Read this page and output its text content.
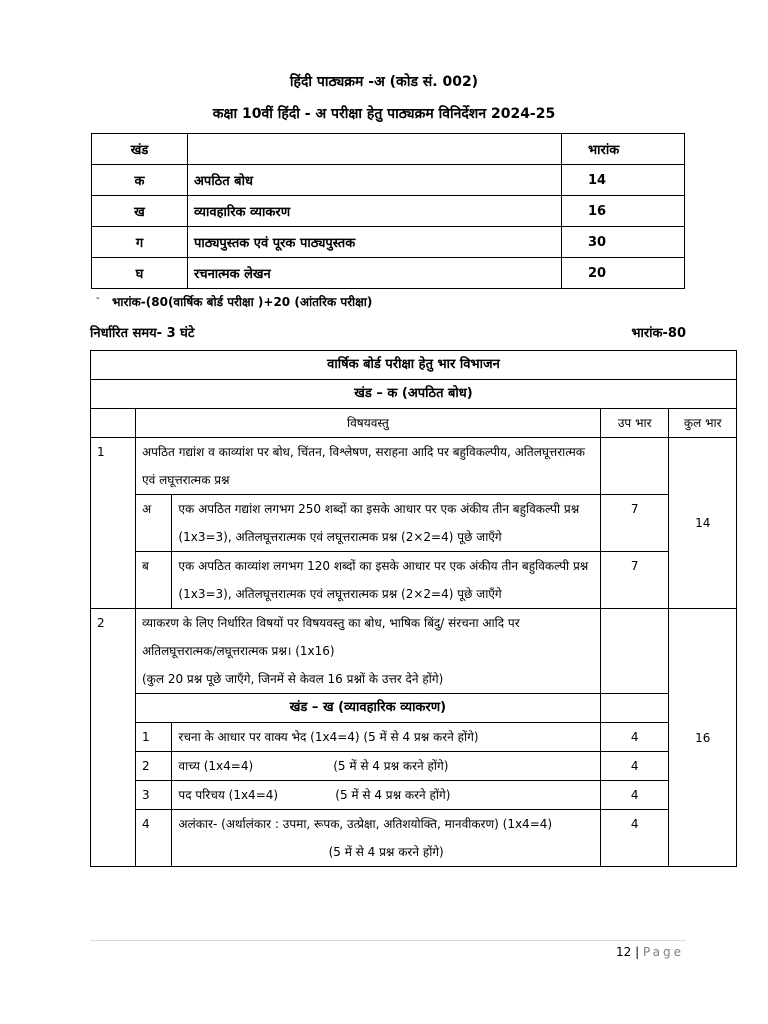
हिंदी पाठ्यक्रम -अ (कोड सं. 002)
कक्षा 10वीं हिंदी - अ परीक्षा हेतु पाठ्यक्रम विनिर्देशन 2024-25
खंड		भारांक
क	अपठित बोध	14
ख	व्यावहारिक व्याकरण	16
ग	पाठ्यपुस्तक एवं पूरक पाठ्यपुस्तक	30
घ	रचनात्मक लेखन	20
- भारांक-(80(वार्षिक बोर्ड परीक्षा )+20 (आंतरिक परीक्षा)
निर्धारित समय- 3 घंटे	भारांक-80
वार्षिक बोर्ड परीक्षा हेतु भार विभाजन				
खंड – क (अपठित बोध)				
	विषयवस्तु		उप भार	कुल भार
1	अपठित गद्यांश व काव्यांश पर बोध, चिंतन, विश्लेषण, सराहना आदि पर बहुविकल्पीय, अतिलघूत्तरात्मक एवं लघूत्तरात्मक प्रश्न			14
	अ	एक अपठित गद्यांश लगभग 250 शब्दों का इसके आधार पर एक अंकीय तीन बहुविकल्पी प्रश्न (1x3=3), अतिलघूत्तरात्मक एवं लघूत्तरात्मक प्रश्न (2×2=4) पूछे जाएँगे	7	
	ब	एक अपठित काव्यांश लगभग 120 शब्दों का इसके आधार पर एक अंकीय तीन बहुविकल्पी प्रश्न (1x3=3), अतिलघूत्तरात्मक एवं लघूत्तरात्मक प्रश्न (2×2=4) पूछे जाएँगे	7	
2	व्याकरण के लिए निर्धारित विषयों पर विषयवस्तु का बोध, भाषिक बिंदु/ संरचना आदि पर अतिलघूत्तरात्मक/लघूत्तरात्मक प्रश्न। (1x16)
(कुल 20 प्रश्न पूछे जाएँगे, जिनमें से केवल 16 प्रश्नों के उत्तर देने होंगे)			16
	खंड – ख (व्यावहारिक व्याकरण)			
	1	रचना के आधार पर वाक्य भेद (1x4=4) (5 में से 4 प्रश्न करने होंगे)	4	
	2	वाच्य (1x4=4)                     (5 में से 4 प्रश्न करने होंगे)	4	
	3	पद परिचय (1x4=4)               (5 में से 4 प्रश्न करने होंगे)	4	
	4	अलंकार- (अर्थालंकार : उपमा, रूपक, उत्प्रेक्षा, अतिशयोक्ति, मानवीकरण) (1x4=4)
(5 में से 4 प्रश्न करने होंगे)	4	
12 | Page
